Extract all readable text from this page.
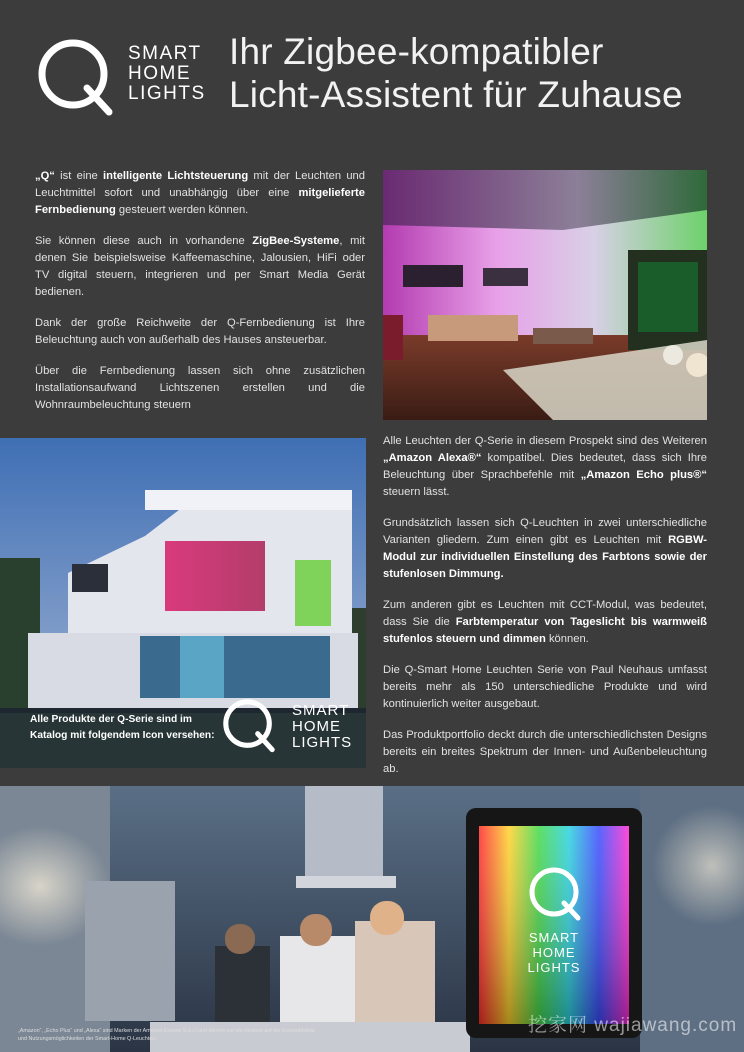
SMART
HOME
LIGHTS
Ihr Zigbee-kompatibler
Licht-Assistent für Zuhause

„Q“ ist eine intelligente Lichtsteuerung mit der Leuchten und Leuchtmittel sofort und unabhängig über eine mitgelieferte Fernbedienung gesteuert werden können.

Sie können diese auch in vorhandene ZigBee-Systeme, mit denen Sie beispielsweise Kaffeemaschine, Jalousien, HiFi oder TV digital steuern, integrieren und per Smart Media Gerät bedienen.

Dank der große Reichweite der Q-Fernbedienung ist Ihre Beleuchtung auch von außerhalb des Hauses ansteuerbar.

Über die Fernbedienung lassen sich ohne zusätzlichen Installationsaufwand Lichtszenen erstellen und die Wohnraumbeleuchtung steuern

Alle Produkte der Q-Serie sind im Katalog mit folgendem Icon versehen:
SMART
HOME
LIGHTS

Alle Leuchten der Q-Serie in diesem Prospekt sind des Weiteren „Amazon Alexa®“ kompatibel. Dies bedeutet, dass sich Ihre Beleuchtung über Sprachbefehle mit „Amazon Echo plus®“ steuern lässt.

Grundsätzlich lassen sich Q-Leuchten in zwei unterschiedliche Varianten gliedern. Zum einen gibt es Leuchten mit RGBW-Modul zur individuellen Einstellung des Farbtons sowie der stufenlosen Dimmung.

Zum anderen gibt es Leuchten mit CCT-Modul, was bedeutet, dass Sie die Farbtemperatur von Tageslicht bis warmweiß stufenlos steuern und dimmen können.

Die Q-Smart Home Leuchten Serie von Paul Neuhaus umfasst bereits mehr als 150 unterschiedliche Produkte und wird kontinuierlich weiter ausgebaut.

Das Produktportfolio deckt durch die unterschiedlichsten Designs bereits ein breites Spektrum der Innen- und Außenbeleuchtung ab.

SMART
HOME
LIGHTS
„Amazon“, „Echo Plus“ und „Alexa“ sind Marken der Amazon Europe S.à r.l und dienen nur als Hinweis auf die Kompatibilität und Nutzungsmöglichkeiten der Smart-Home Q-Leuchten.
挖家网 wajiawang.com
